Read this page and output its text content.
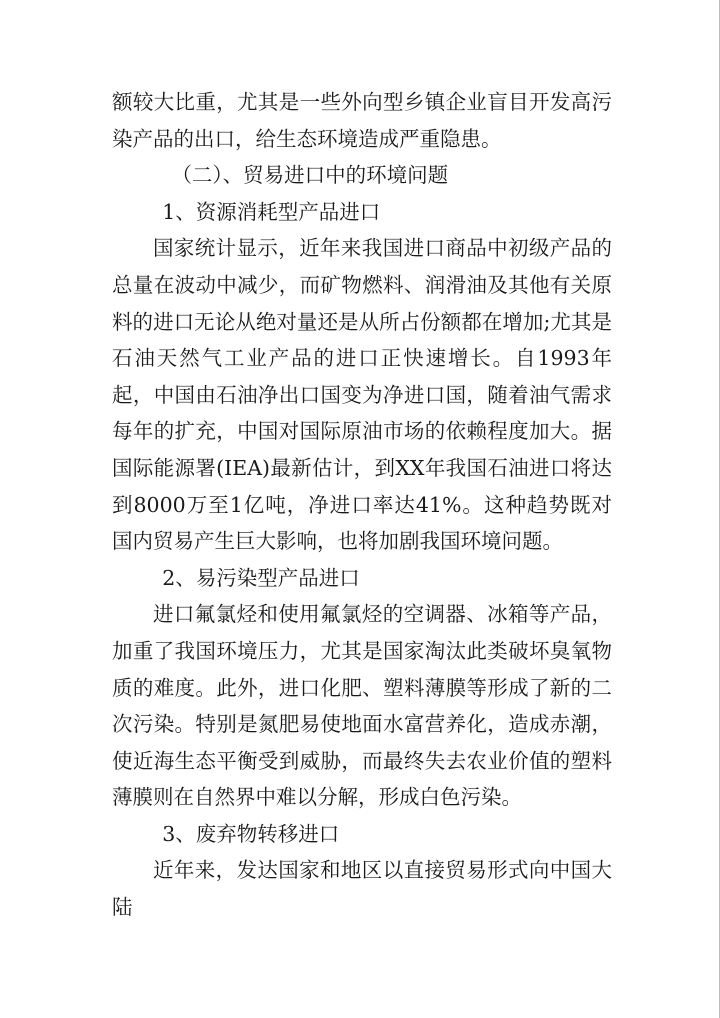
额较大比重，尤其是一些外向型乡镇企业盲目开发高污染产品的出口，给生态环境造成严重隐患。

（二）、贸易进口中的环境问题

1、资源消耗型产品进口

国家统计显示，近年来我国进口商品中初级产品的总量在波动中减少，而矿物燃料、润滑油及其他有关原料的进口无论从绝对量还是从所占份额都在增加;尤其是石油天然气工业产品的进口正快速增长。自1993年起，中国由石油净出口国变为净进口国，随着油气需求每年的扩充，中国对国际原油市场的依赖程度加大。据国际能源署(IEA)最新估计，到XX年我国石油进口将达到8000万至1亿吨，净进口率达41%。这种趋势既对国内贸易产生巨大影响，也将加剧我国环境问题。

2、易污染型产品进口

进口氟氯烃和使用氟氯烃的空调器、冰箱等产品，加重了我国环境压力，尤其是国家淘汰此类破坏臭氧物质的难度。此外，进口化肥、塑料薄膜等形成了新的二次污染。特别是氮肥易使地面水富营养化，造成赤潮，使近海生态平衡受到威胁，而最终失去农业价值的塑料薄膜则在自然界中难以分解，形成白色污染。

3、废弃物转移进口

近年来，发达国家和地区以直接贸易形式向中国大陆
